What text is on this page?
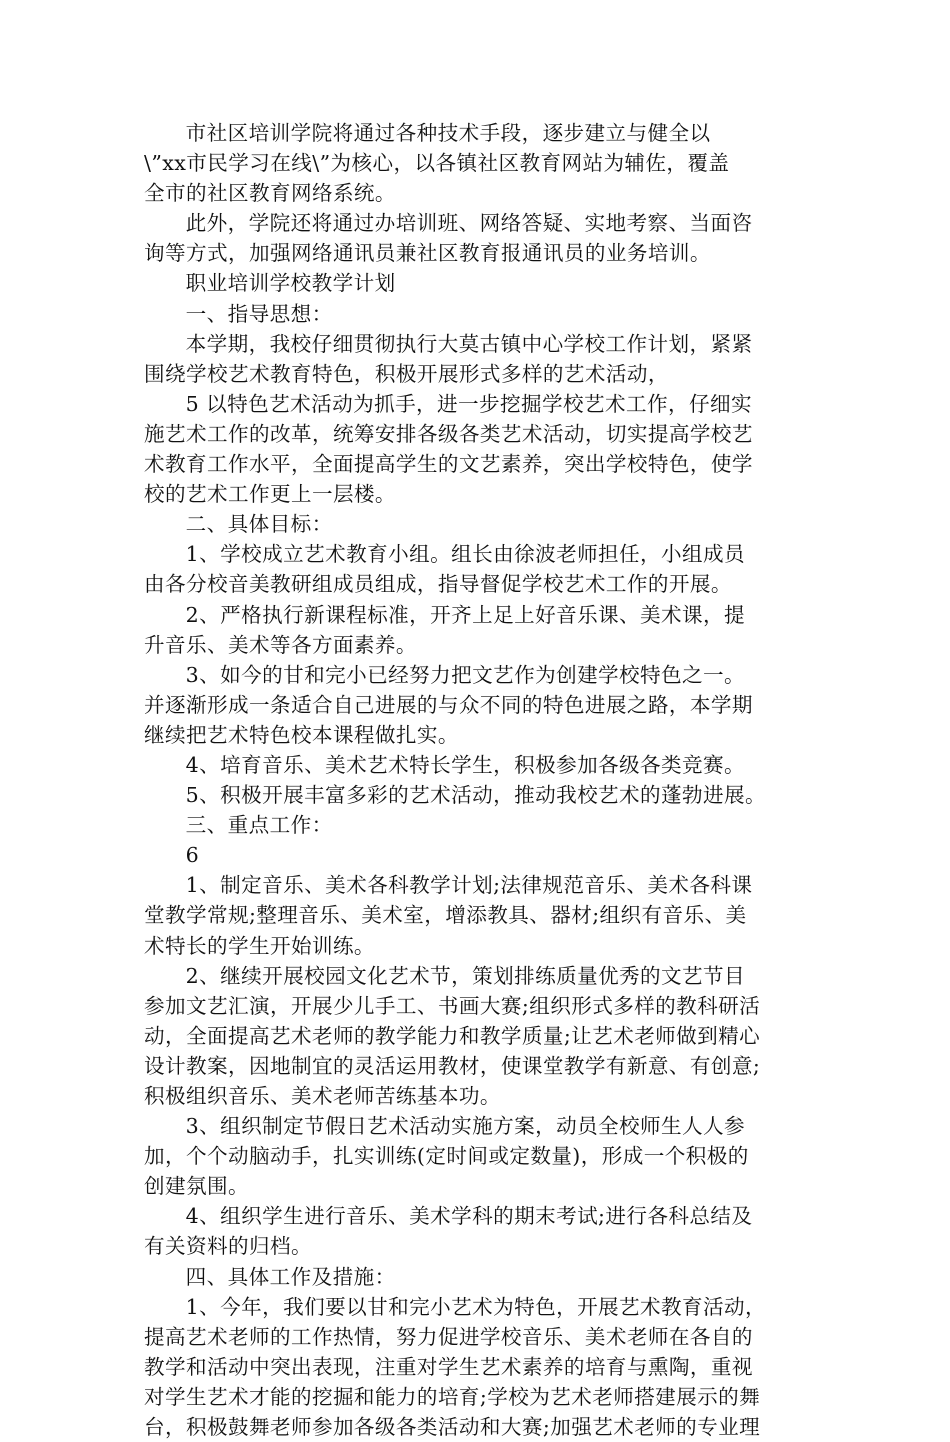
市社区培训学院将通过各种技术手段，逐步建立与健全以
\”xx市民学习在线\”为核心，以各镇社区教育网站为辅佐，覆盖
全市的社区教育网络系统。
此外，学院还将通过办培训班、网络答疑、实地考察、当面咨
询等方式，加强网络通讯员兼社区教育报通讯员的业务培训。
职业培训学校教学计划
一、指导思想：
本学期，我校仔细贯彻执行大莫古镇中心学校工作计划，紧紧
围绕学校艺术教育特色，积极开展形式多样的艺术活动，
5 以特色艺术活动为抓手，进一步挖掘学校艺术工作，仔细实
施艺术工作的改革，统筹安排各级各类艺术活动，切实提高学校艺
术教育工作水平，全面提高学生的文艺素养，突出学校特色，使学
校的艺术工作更上一层楼。
二、具体目标：
1、学校成立艺术教育小组。组长由徐波老师担任，小组成员
由各分校音美教研组成员组成，指导督促学校艺术工作的开展。
2、严格执行新课程标准，开齐上足上好音乐课、美术课，提
升音乐、美术等各方面素养。
3、如今的甘和完小已经努力把文艺作为创建学校特色之一。
并逐渐形成一条适合自己进展的与众不同的特色进展之路，本学期
继续把艺术特色校本课程做扎实。
4、培育音乐、美术艺术特长学生，积极参加各级各类竞赛。
5、积极开展丰富多彩的艺术活动，推动我校艺术的蓬勃进展。
三、重点工作：
6
1、制定音乐、美术各科教学计划;法律规范音乐、美术各科课
堂教学常规;整理音乐、美术室，增添教具、器材;组织有音乐、美
术特长的学生开始训练。
2、继续开展校园文化艺术节，策划排练质量优秀的文艺节目
参加文艺汇演，开展少儿手工、书画大赛;组织形式多样的教科研活
动，全面提高艺术老师的教学能力和教学质量;让艺术老师做到精心
设计教案，因地制宜的灵活运用教材，使课堂教学有新意、有创意;
积极组织音乐、美术老师苦练基本功。
3、组织制定节假日艺术活动实施方案，动员全校师生人人参
加，个个动脑动手，扎实训练(定时间或定数量)，形成一个积极的
创建氛围。
4、组织学生进行音乐、美术学科的期末考试;进行各科总结及
有关资料的归档。
四、具体工作及措施：
1、今年，我们要以甘和完小艺术为特色，开展艺术教育活动，
提高艺术老师的工作热情，努力促进学校音乐、美术老师在各自的
教学和活动中突出表现，注重对学生艺术素养的培育与熏陶，重视
对学生艺术才能的挖掘和能力的培育;学校为艺术老师搭建展示的舞
台，积极鼓舞老师参加各级各类活动和大赛;加强艺术老师的专业理
